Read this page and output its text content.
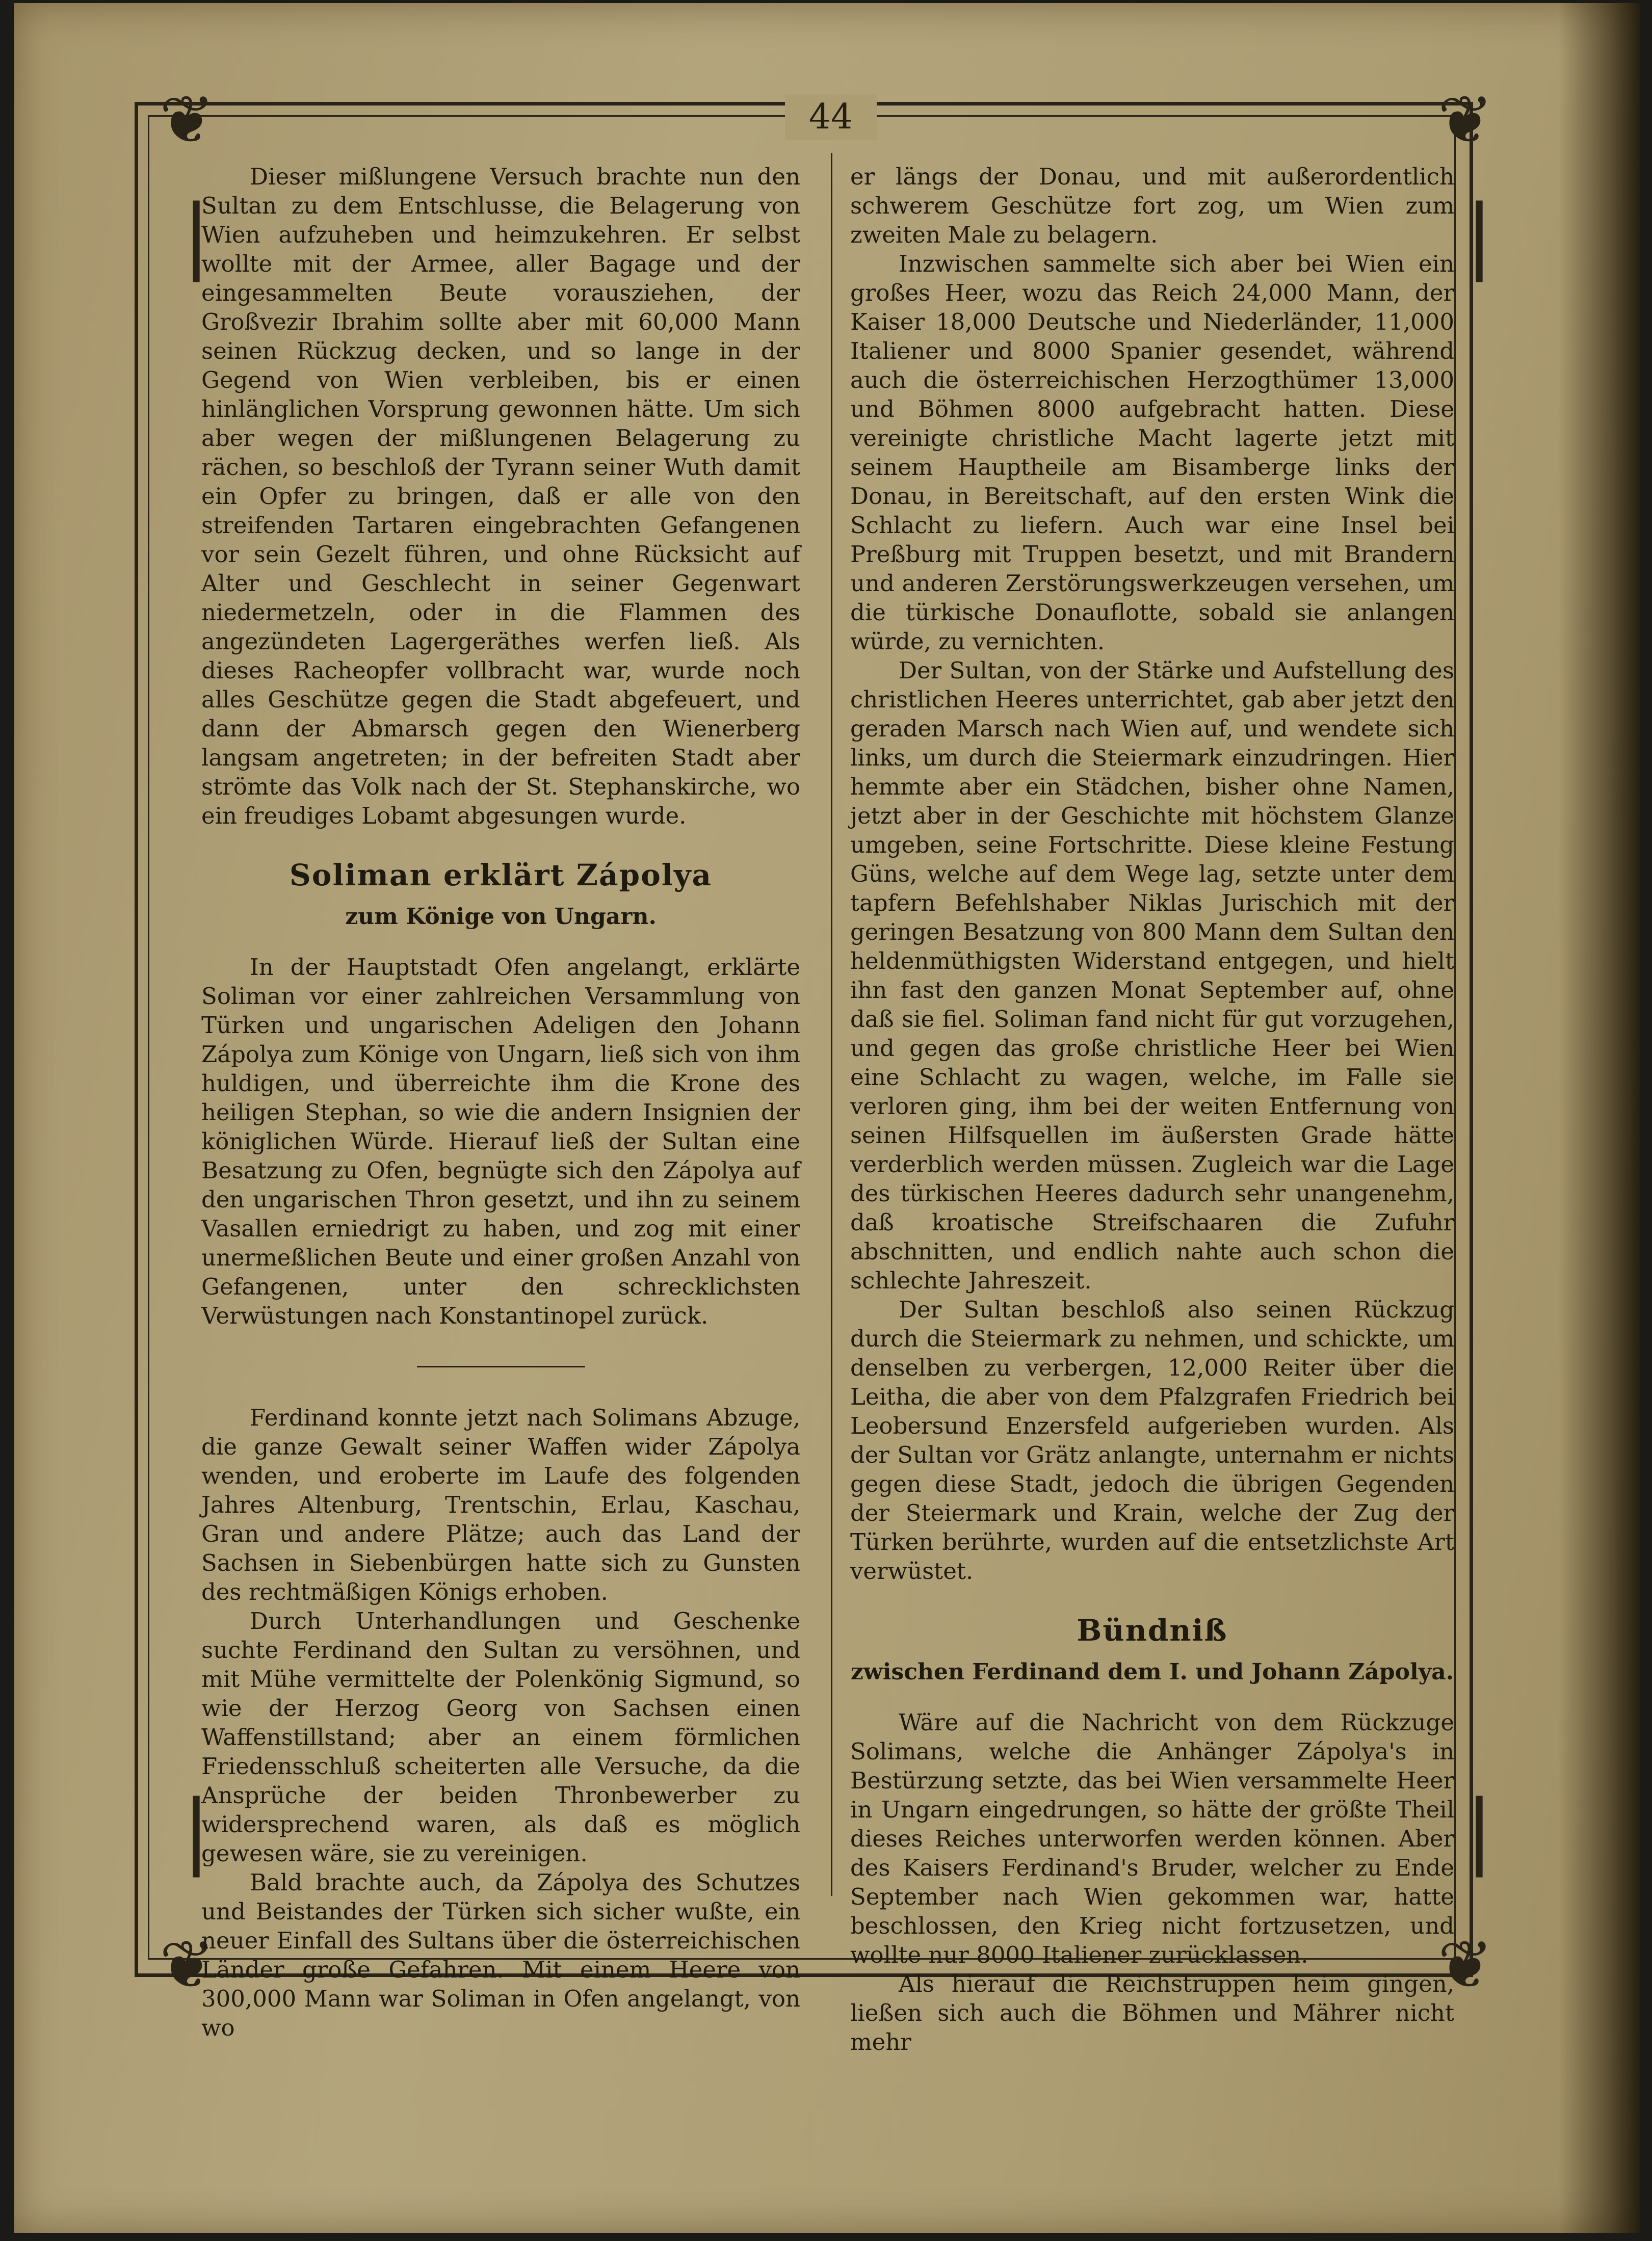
❦	❦
❦	❦
❘
❘
❘
❘
44

Dieser mißlungene Versuch brachte nun den Sultan zu dem Entschlusse, die Belagerung von Wien aufzuheben und heimzukehren. Er selbst wollte mit der Armee, aller Bagage und der eingesammelten Beute vorausziehen, der Großvezir Ibrahim sollte aber mit 60,000 Mann seinen Rückzug decken, und so lange in der Gegend von Wien verbleiben, bis er einen hinlänglichen Vorsprung gewonnen hätte. Um sich aber wegen der mißlungenen Belagerung zu rächen, so beschloß der Tyrann seiner Wuth damit ein Opfer zu bringen, daß er alle von den streifenden Tartaren eingebrachten Gefangenen vor sein Gezelt führen, und ohne Rücksicht auf Alter und Geschlecht in seiner Gegenwart niedermetzeln, oder in die Flammen des angezündeten Lagergeräthes werfen ließ. Als dieses Racheopfer vollbracht war, wurde noch alles Geschütze gegen die Stadt abgefeuert, und dann der Abmarsch gegen den Wienerberg langsam angetreten; in der befreiten Stadt aber strömte das Volk nach der St. Stephanskirche, wo ein freudiges Lobamt abgesungen wurde.

Soliman erklärt Zápolya
zum Könige von Ungarn.

In der Hauptstadt Ofen angelangt, erklärte Soliman vor einer zahlreichen Versammlung von Türken und ungarischen Adeligen den Johann Zápolya zum Könige von Ungarn, ließ sich von ihm huldigen, und überreichte ihm die Krone des heiligen Stephan, so wie die andern Insignien der königlichen Würde. Hierauf ließ der Sultan eine Besatzung zu Ofen, begnügte sich den Zápolya auf den ungarischen Thron gesetzt, und ihn zu seinem Vasallen erniedrigt zu haben, und zog mit einer unermeßlichen Beute und einer großen Anzahl von Gefangenen, unter den schrecklichsten Verwüstungen nach Konstantinopel zurück.

Ferdinand konnte jetzt nach Solimans Abzuge, die ganze Gewalt seiner Waffen wider Zápolya wenden, und eroberte im Laufe des folgenden Jahres Altenburg, Trentschin, Erlau, Kaschau, Gran und andere Plätze; auch das Land der Sachsen in Siebenbürgen hatte sich zu Gunsten des rechtmäßigen Königs erhoben.

Durch Unterhandlungen und Geschenke suchte Ferdinand den Sultan zu versöhnen, und mit Mühe vermittelte der Polenkönig Sigmund, so wie der Herzog Georg von Sachsen einen Waffenstillstand; aber an einem förmlichen Friedensschluß scheiterten alle Versuche, da die Ansprüche der beiden Thronbewerber zu widersprechend waren, als daß es möglich gewesen wäre, sie zu vereinigen.

Bald brachte auch, da Zápolya des Schutzes und Beistandes der Türken sich sicher wußte, ein neuer Einfall des Sultans über die österreichischen Länder große Gefahren. Mit einem Heere von 300,000 Mann war Soliman in Ofen angelangt, von wo

er längs der Donau, und mit außerordentlich schwerem Geschütze fort zog, um Wien zum zweiten Male zu belagern.

Inzwischen sammelte sich aber bei Wien ein großes Heer, wozu das Reich 24,000 Mann, der Kaiser 18,000 Deutsche und Niederländer, 11,000 Italiener und 8000 Spanier gesendet, während auch die österreichischen Herzogthümer 13,000 und Böhmen 8000 aufgebracht hatten. Diese vereinigte christliche Macht lagerte jetzt mit seinem Hauptheile am Bisamberge links der Donau, in Bereitschaft, auf den ersten Wink die Schlacht zu liefern. Auch war eine Insel bei Preßburg mit Truppen besetzt, und mit Brandern und anderen Zerstörungswerkzeugen versehen, um die türkische Donauflotte, sobald sie anlangen würde, zu vernichten.

Der Sultan, von der Stärke und Aufstellung des christlichen Heeres unterrichtet, gab aber jetzt den geraden Marsch nach Wien auf, und wendete sich links, um durch die Steiermark einzudringen. Hier hemmte aber ein Städchen, bisher ohne Namen, jetzt aber in der Geschichte mit höchstem Glanze umgeben, seine Fortschritte. Diese kleine Festung Güns, welche auf dem Wege lag, setzte unter dem tapfern Befehlshaber Niklas Jurischich mit der geringen Besatzung von 800 Mann dem Sultan den heldenmüthigsten Widerstand entgegen, und hielt ihn fast den ganzen Monat September auf, ohne daß sie fiel. Soliman fand nicht für gut vorzugehen, und gegen das große christliche Heer bei Wien eine Schlacht zu wagen, welche, im Falle sie verloren ging, ihm bei der weiten Entfernung von seinen Hilfsquellen im äußersten Grade hätte verderblich werden müssen. Zugleich war die Lage des türkischen Heeres dadurch sehr unangenehm, daß kroatische Streifschaaren die Zufuhr abschnitten, und endlich nahte auch schon die schlechte Jahreszeit.

Der Sultan beschloß also seinen Rückzug durch die Steiermark zu nehmen, und schickte, um denselben zu verbergen, 12,000 Reiter über die Leitha, die aber von dem Pfalzgrafen Friedrich bei Leobersund Enzersfeld aufgerieben wurden. Als der Sultan vor Grätz anlangte, unternahm er nichts gegen diese Stadt, jedoch die übrigen Gegenden der Steiermark und Krain, welche der Zug der Türken berührte, wurden auf die entsetzlichste Art verwüstet.

Bündniß
zwischen Ferdinand dem I. und Johann Zápolya.

Wäre auf die Nachricht von dem Rückzuge Solimans, welche die Anhänger Zápolya's in Bestürzung setzte, das bei Wien versammelte Heer in Ungarn eingedrungen, so hätte der größte Theil dieses Reiches unterworfen werden können. Aber des Kaisers Ferdinand's Bruder, welcher zu Ende September nach Wien gekommen war, hatte beschlossen, den Krieg nicht fortzusetzen, und wollte nur 8000 Italiener zurücklassen.

Als hierauf die Reichstruppen heim gingen, ließen sich auch die Böhmen und Mährer nicht mehr
